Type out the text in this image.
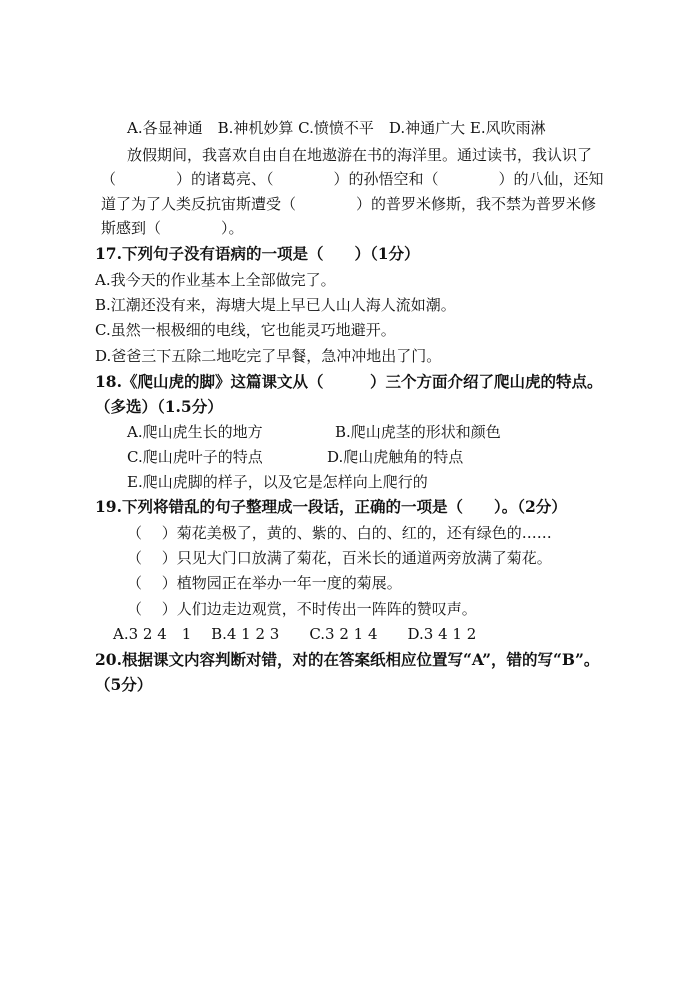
A.各显神通　B.神机妙算 C.愤愤不平　D.神通广大 E.风吹雨淋
放假期间，我喜欢自由自在地遨游在书的海洋里。通过读书，我认识了
（　　　　）的诸葛亮、（　　　　）的孙悟空和（　　　　）的八仙，还知
道了为了人类反抗宙斯遭受（　　　　）的普罗米修斯，我不禁为普罗米修
斯感到（　　　　）。
17.下列句子没有语病的一项是（　　）（1分）
A.我今天的作业基本上全部做完了。
B.江潮还没有来，海塘大堤上早已人山人海人流如潮。
C.虽然一根极细的电线，它也能灵巧地避开。
D.爸爸三下五除二地吃完了早餐，急冲冲地出了门。
18.《爬山虎的脚》这篇课文从（　　　）三个方面介绍了爬山虎的特点。
（多选）（1.5分）
A.爬山虎生长的地方	B.爬山虎茎的形状和颜色
C.爬山虎叶子的特点	D.爬山虎触角的特点
E.爬山虎脚的样子，以及它是怎样向上爬行的
19.下列将错乱的句子整理成一段话，正确的一项是（　　）。（2分）
（　 ）菊花美极了，黄的、紫的、白的、红的，还有绿色的……
（　 ）只见大门口放满了菊花，百米长的通道两旁放满了菊花。
（　 ）植物园正在举办一年一度的菊展。
（　 ）人们边走边观赏，不时传出一阵阵的赞叹声。
A.3 2 4　1　 B.4 1 2 3　　C.3 2 1 4　　D.3 4 1 2
20.根据课文内容判断对错，对的在答案纸相应位置写“A”，错的写“B”。
（5分）
